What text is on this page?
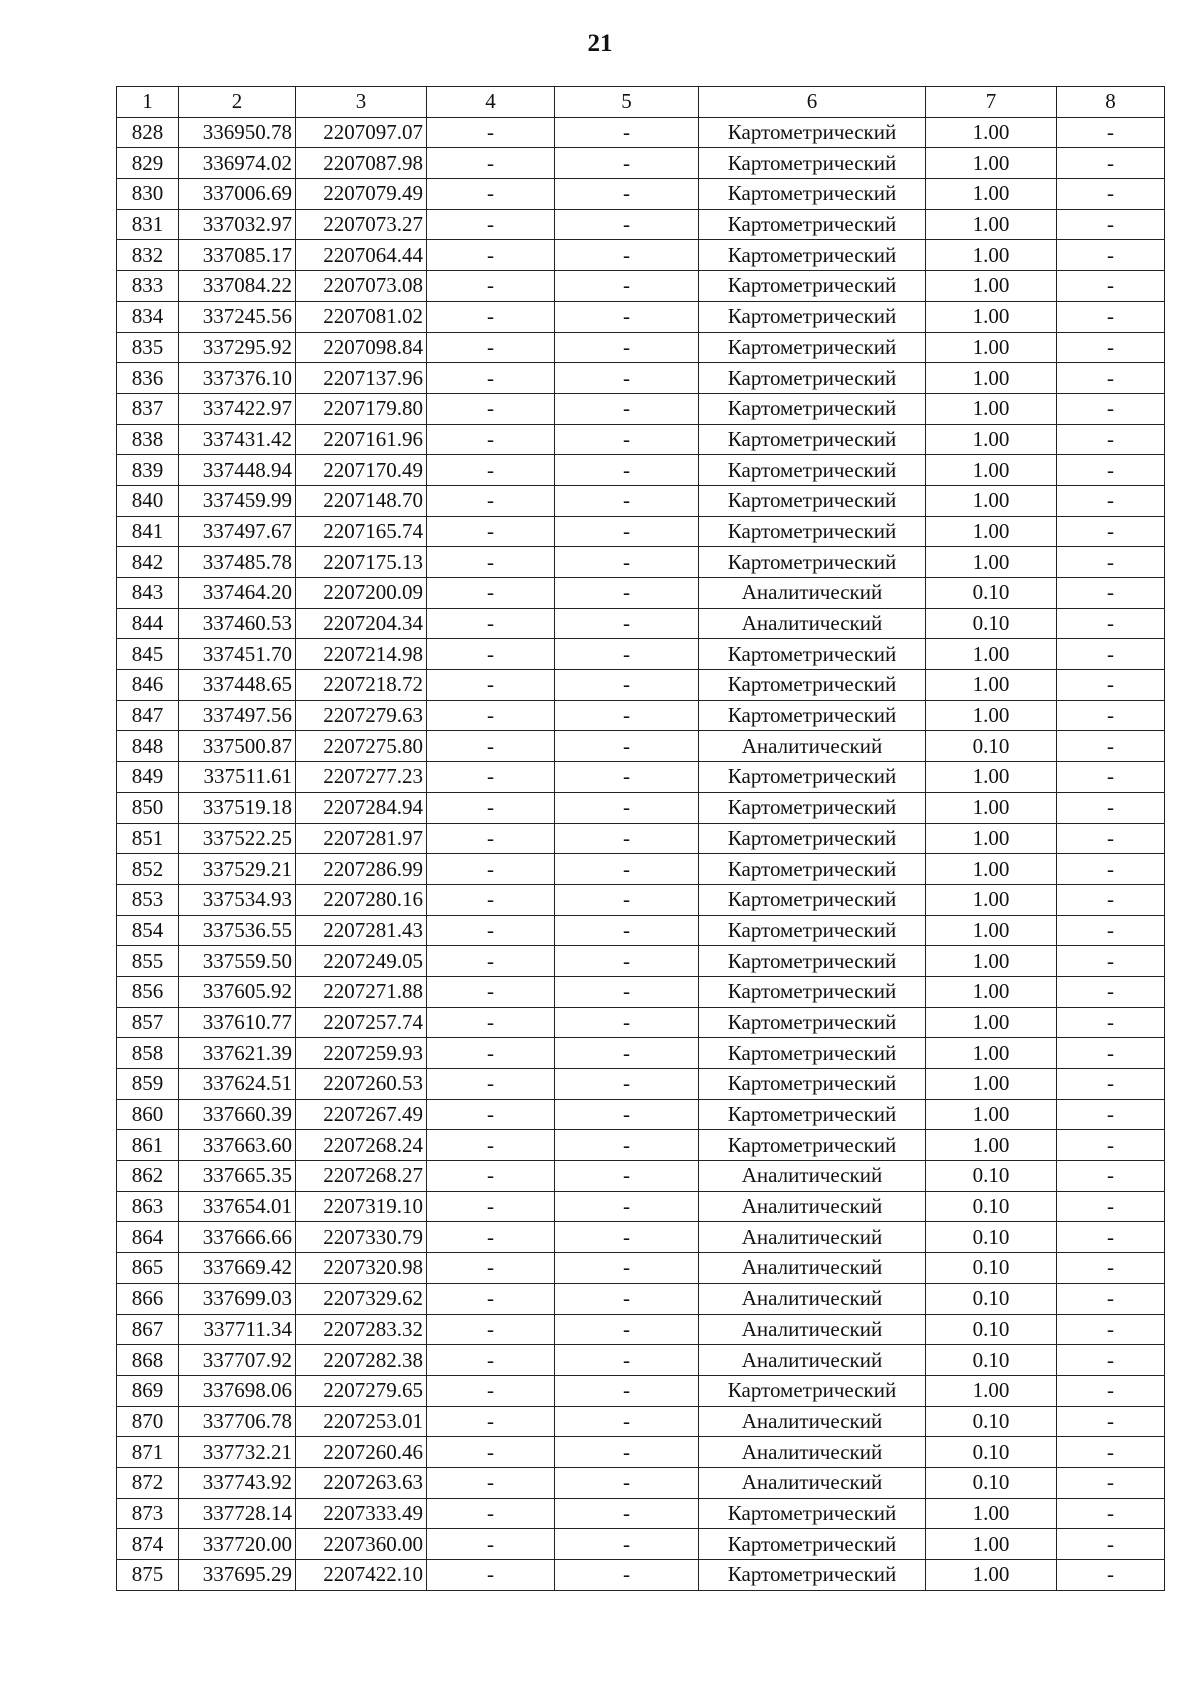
21
1	2	3	4	5	6	7	8
828	336950.78	2207097.07	-	-	Картометрический	1.00	-
829	336974.02	2207087.98	-	-	Картометрический	1.00	-
830	337006.69	2207079.49	-	-	Картометрический	1.00	-
831	337032.97	2207073.27	-	-	Картометрический	1.00	-
832	337085.17	2207064.44	-	-	Картометрический	1.00	-
833	337084.22	2207073.08	-	-	Картометрический	1.00	-
834	337245.56	2207081.02	-	-	Картометрический	1.00	-
835	337295.92	2207098.84	-	-	Картометрический	1.00	-
836	337376.10	2207137.96	-	-	Картометрический	1.00	-
837	337422.97	2207179.80	-	-	Картометрический	1.00	-
838	337431.42	2207161.96	-	-	Картометрический	1.00	-
839	337448.94	2207170.49	-	-	Картометрический	1.00	-
840	337459.99	2207148.70	-	-	Картометрический	1.00	-
841	337497.67	2207165.74	-	-	Картометрический	1.00	-
842	337485.78	2207175.13	-	-	Картометрический	1.00	-
843	337464.20	2207200.09	-	-	Аналитический	0.10	-
844	337460.53	2207204.34	-	-	Аналитический	0.10	-
845	337451.70	2207214.98	-	-	Картометрический	1.00	-
846	337448.65	2207218.72	-	-	Картометрический	1.00	-
847	337497.56	2207279.63	-	-	Картометрический	1.00	-
848	337500.87	2207275.80	-	-	Аналитический	0.10	-
849	337511.61	2207277.23	-	-	Картометрический	1.00	-
850	337519.18	2207284.94	-	-	Картометрический	1.00	-
851	337522.25	2207281.97	-	-	Картометрический	1.00	-
852	337529.21	2207286.99	-	-	Картометрический	1.00	-
853	337534.93	2207280.16	-	-	Картометрический	1.00	-
854	337536.55	2207281.43	-	-	Картометрический	1.00	-
855	337559.50	2207249.05	-	-	Картометрический	1.00	-
856	337605.92	2207271.88	-	-	Картометрический	1.00	-
857	337610.77	2207257.74	-	-	Картометрический	1.00	-
858	337621.39	2207259.93	-	-	Картометрический	1.00	-
859	337624.51	2207260.53	-	-	Картометрический	1.00	-
860	337660.39	2207267.49	-	-	Картометрический	1.00	-
861	337663.60	2207268.24	-	-	Картометрический	1.00	-
862	337665.35	2207268.27	-	-	Аналитический	0.10	-
863	337654.01	2207319.10	-	-	Аналитический	0.10	-
864	337666.66	2207330.79	-	-	Аналитический	0.10	-
865	337669.42	2207320.98	-	-	Аналитический	0.10	-
866	337699.03	2207329.62	-	-	Аналитический	0.10	-
867	337711.34	2207283.32	-	-	Аналитический	0.10	-
868	337707.92	2207282.38	-	-	Аналитический	0.10	-
869	337698.06	2207279.65	-	-	Картометрический	1.00	-
870	337706.78	2207253.01	-	-	Аналитический	0.10	-
871	337732.21	2207260.46	-	-	Аналитический	0.10	-
872	337743.92	2207263.63	-	-	Аналитический	0.10	-
873	337728.14	2207333.49	-	-	Картометрический	1.00	-
874	337720.00	2207360.00	-	-	Картометрический	1.00	-
875	337695.29	2207422.10	-	-	Картометрический	1.00	-
